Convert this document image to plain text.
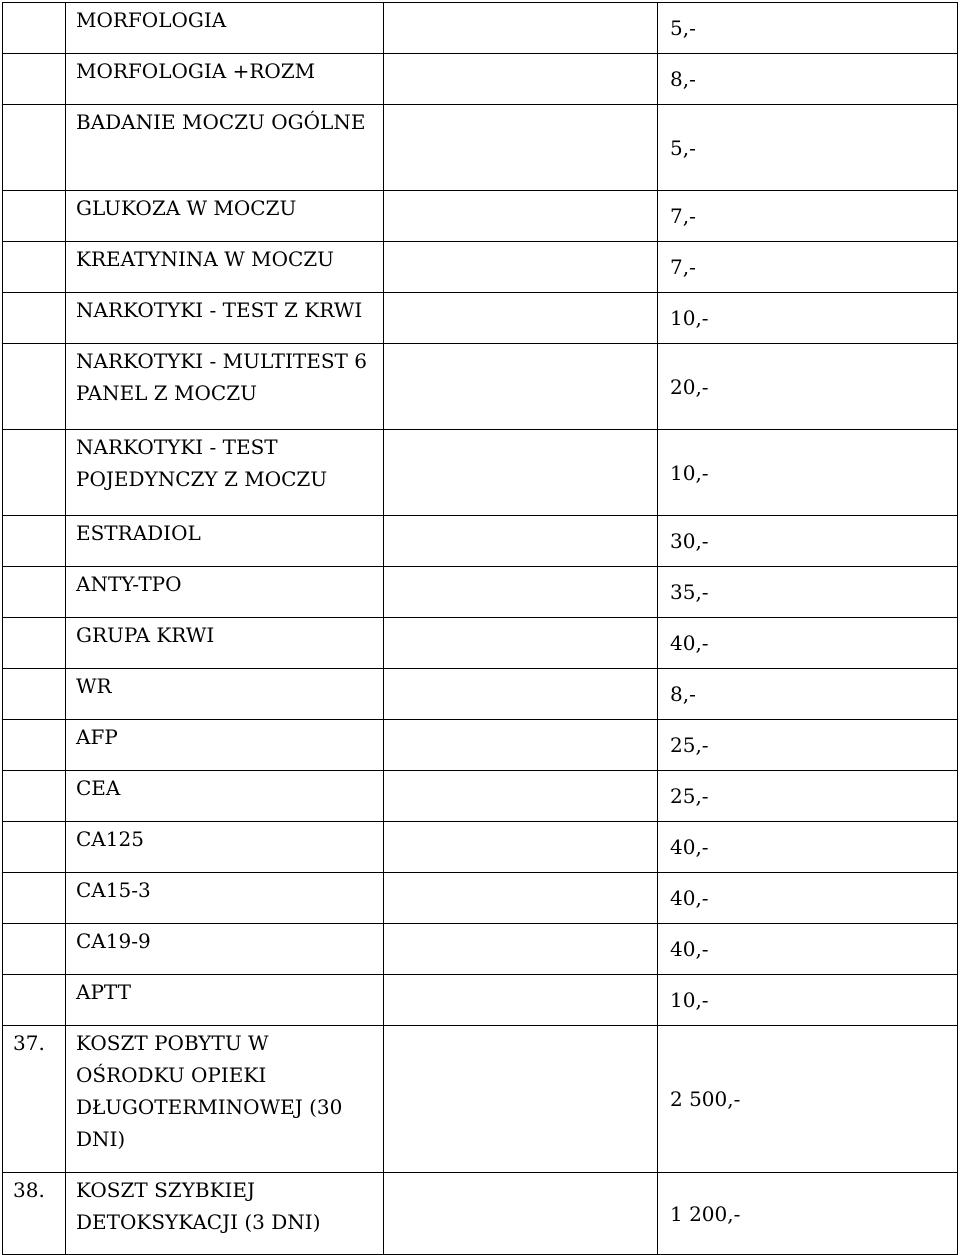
	MORFOLOGIA		5,-

	MORFOLOGIA +ROZM		8,-

	BADANIE MOCZU OGÓLNE		5,-

	GLUKOZA W MOCZU		7,-

	KREATYNINA W MOCZU		7,-

	NARKOTYKI - TEST Z KRWI		10,-

	NARKOTYKI - MULTITEST 6 PANEL Z MOCZU		20,-

	NARKOTYKI - TEST POJEDYNCZY Z MOCZU		10,-

	ESTRADIOL		30,-

	ANTY-TPO		35,-

	GRUPA KRWI		40,-

	WR		8,-

	AFP		25,-

	CEA		25,-

	CA125		40,-

	CA15-3		40,-

	CA19-9		40,-

	APTT		10,-
37.	KOSZT POBYTU W OŚRODKU OPIEKI DŁUGOTERMINOWEJ (30 DNI)		2 500,-
38.	KOSZT SZYBKIEJ DETOKSYKACJI (3 DNI)		1 200,-
